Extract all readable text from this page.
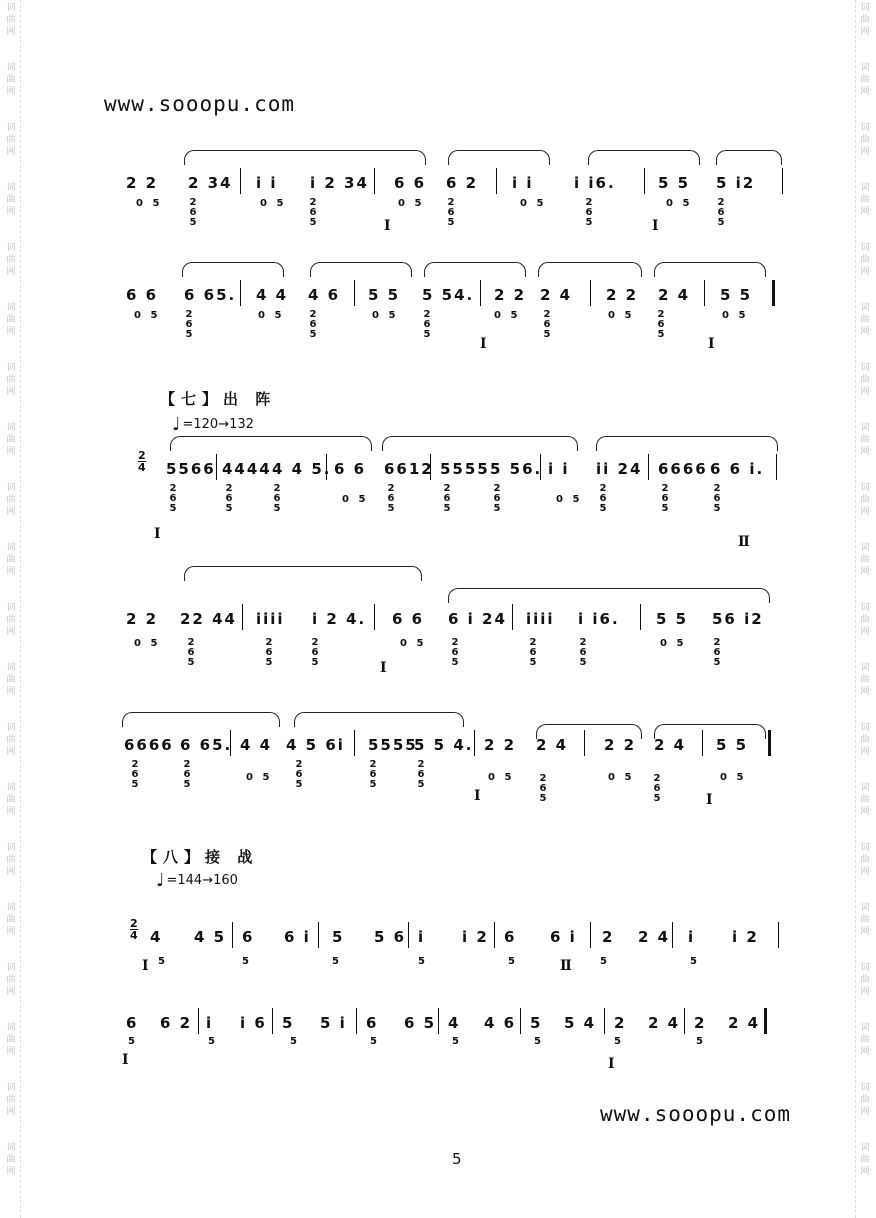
词
曲
网
词
曲
网
词
曲
网
词
曲
网
词
曲
网
词
曲
网
词
曲
网
词
曲
网
词
曲
网
词
曲
网
词
曲
网
词
曲
网
词
曲
网
词
曲
网
词
曲
网
词
曲
网
词
曲
网
词
曲
网
词
曲
网
词
曲
网
词
曲
网
词
曲
网
词
曲
网
词
曲
网
词
曲
网
词
曲
网
词
曲
网
词
曲
网
词
曲
网
词
曲
网
词
曲
网
词
曲
网
词
曲
网
词
曲
网
词
曲
网
词
曲
网
词
曲
网
词
曲
网
词
曲
网
词
曲
网
www.sooopu.com
2 2 2 34 i i i 2 34 6 6 6 2 i i	i i6.	5 5 5 i2
0 5	2
6
5
0 5 2
6
5	Ⅰ
0 5 2
6
5
0 5	2
6
5	Ⅰ
0 5	2
6
5
6 6 6 65. 4 4 4 6 5 5 5 54. 2 2 2 4 2 2 2 4 5 5
0 5	2
6
5
0 5	2
6
5
0 5	2
6
5
Ⅰ
0 5 2
6
5
0 5 2
6
5
Ⅰ
0 5
【七】出 阵
♩ =120→132
$\frac{2}{4} 5566$ 4444 4 4 5. 6 6 6612 5555 5 56. i i ii 24 6666 6 6 i.
2
6
5
Ⅰ
2
6
5
2
6
5
0 5
2
6
5
2
6
5
2
6
5
0 5
2
6
5
2
6
5
2
6
5
Ⅱ
2 2 22 44 iiii i 2 4. 6 6 6 i 24 iiii i i6. 5 5 56 i2
0 5	2
6
5
2
6
5
2
6
5	Ⅰ
0 5	2
6
5
2
6
5
2
6
5
0 5	2
6
5
6666 6 65. 4 4 4 5 6i 5555
5 5 4. 2 2 2 4 2 2 2 4 5 5
2
6
5
2
6
5
0 5
2
6
5
2
6
5
2
6
5
Ⅰ
0 5	2
6
5
0 5 2
6
5	Ⅰ
0 5
【八】接 战
♩ =144→160
$\frac{2}{4} 4$ 4 5 6 6 i 5 5 6 i i 2 6 6 i 2 2 4 i i 2
Ⅰ 5	5	5	5	5	Ⅱ	5	5
6 6 2 i i 6 5 5 i 6 6 5 4 4 6 5 5 4 2 2 4 2 2 4
Ⅰ
5	5	5	5	5	5	5
Ⅰ
5
www.sooopu.com
5
